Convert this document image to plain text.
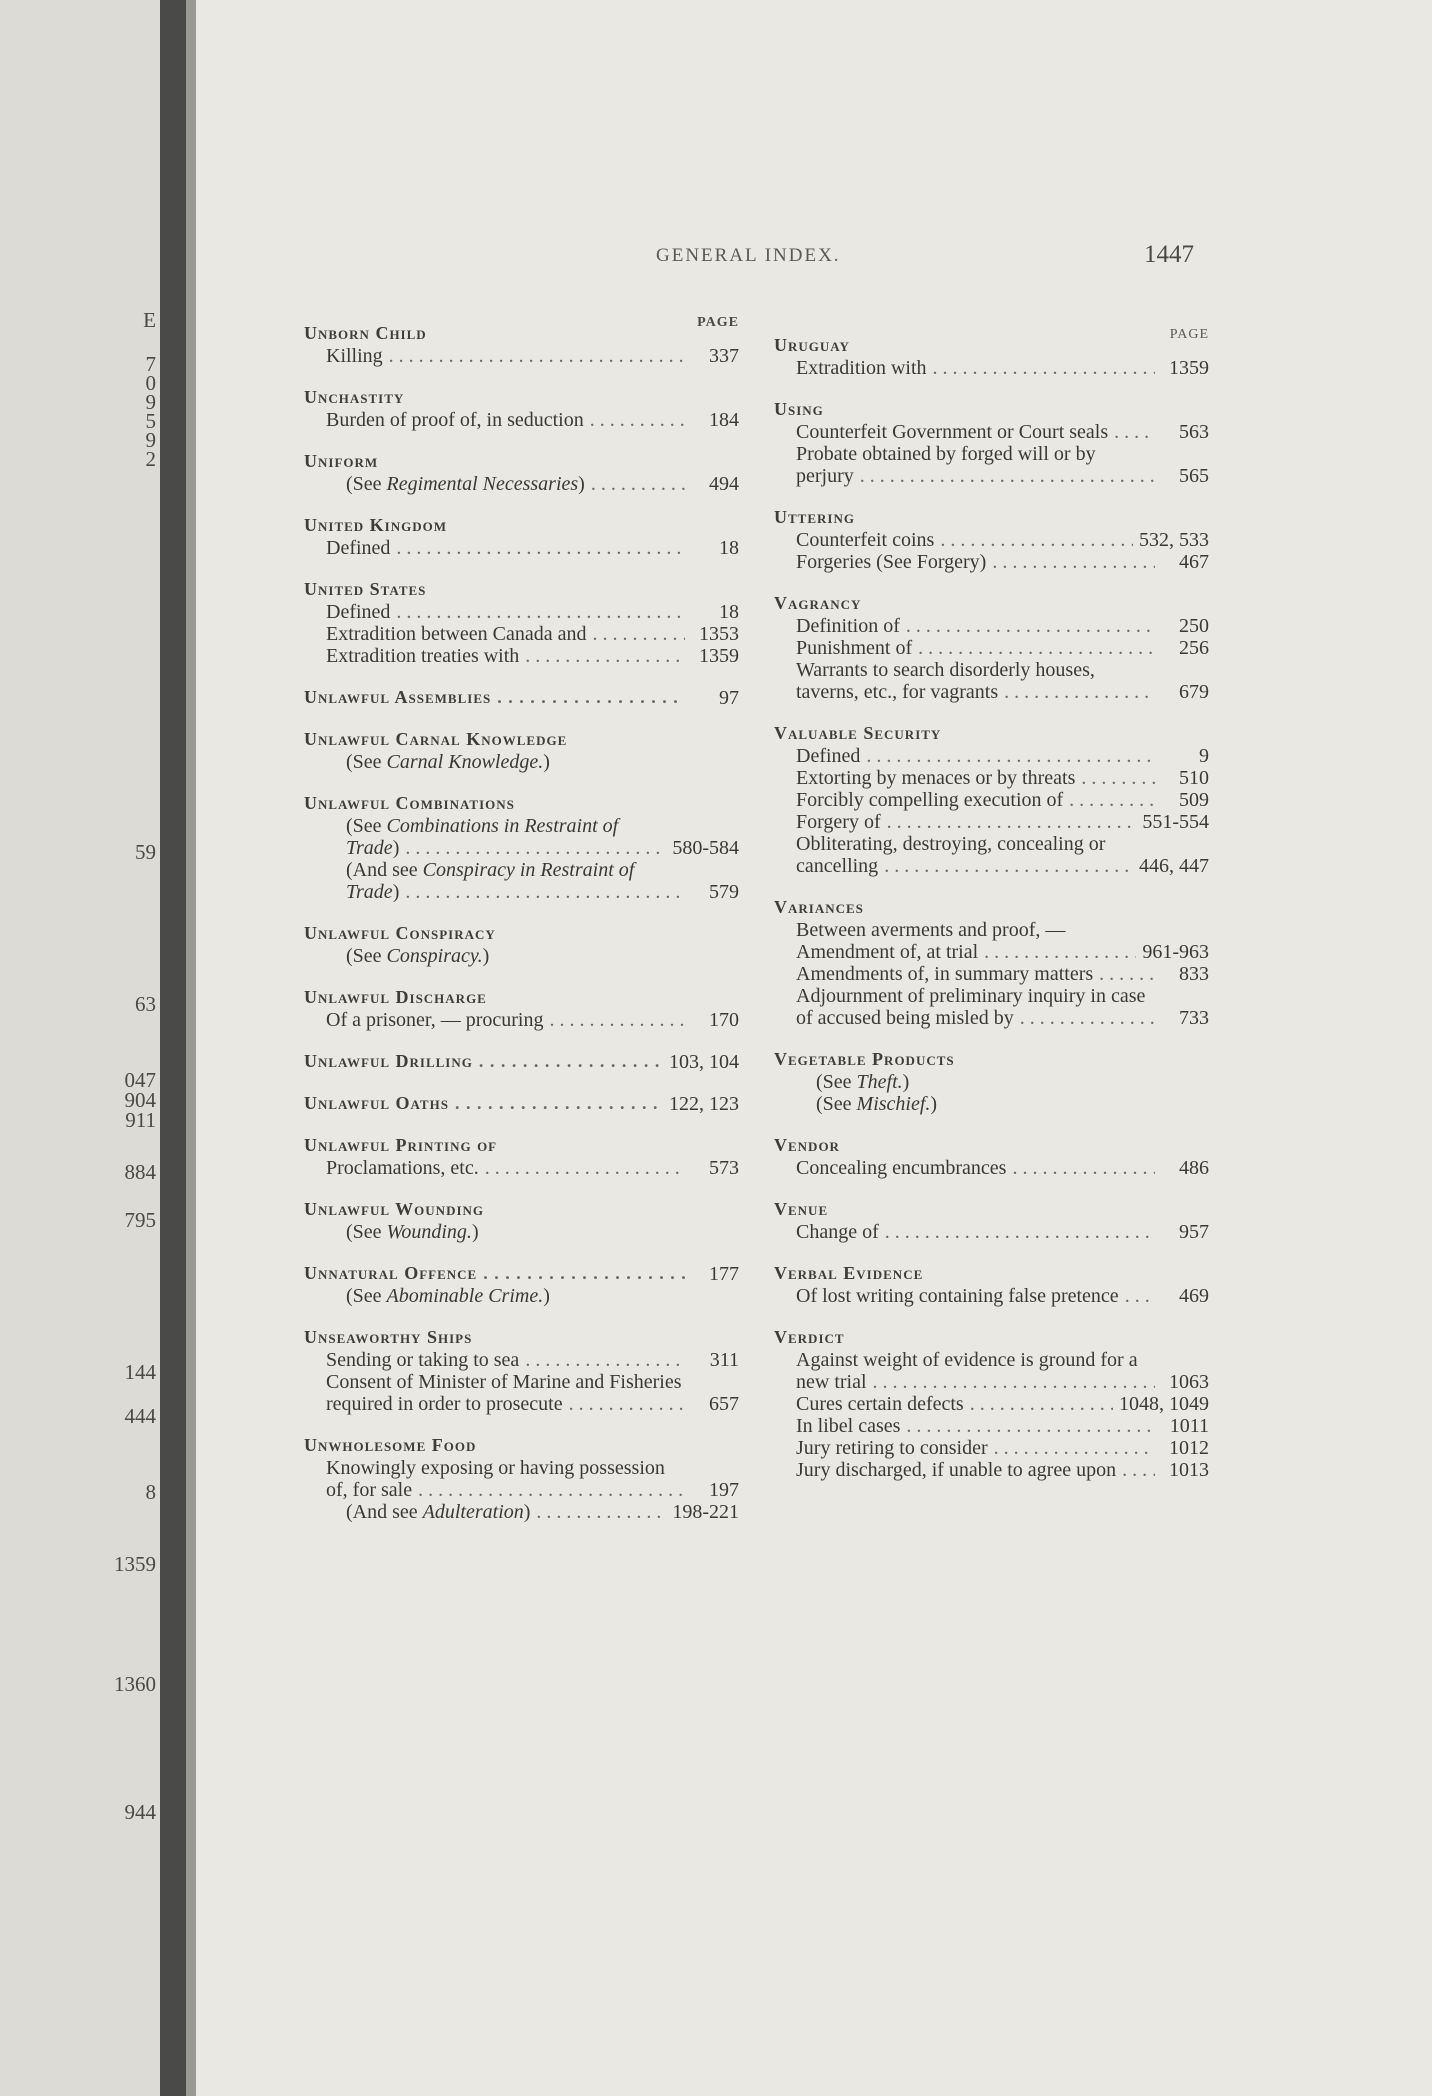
E
7
0
9
5
9
2
59
63
047
904
911
884
795
144
444
8
1359
1360
944
GENERAL INDEX.	1447
PAGE
Unborn Child
Killing . . .	337
Unchastity
Burden of proof of, in seduction . . .	184
Uniform
(See Regimental Necessaries) . . .	494
United Kingdom
Defined . . .	18
United States
Defined . . .	18
Extradition between Canada and . . .	1353
Extradition treaties with . . .	1359
Unlawful Assemblies . . .	97
Unlawful Carnal Knowledge
(See Carnal Knowledge.)
Unlawful Combinations
(See Combinations in Restraint of Trade) . . .	580-584
(And see Conspiracy in Restraint of Trade) . . .	579
Unlawful Conspiracy
(See Conspiracy.)
Unlawful Discharge
Of a prisoner, — procuring . . .	170
Unlawful Drilling . . .	103, 104
Unlawful Oaths . . .	122, 123
Unlawful Printing of
Proclamations, etc. . . .	573
Unlawful Wounding
(See Wounding.)
Unnatural Offence . . .	177
(See Abominable Crime.)
Unseaworthy Ships
Sending or taking to sea . . .	311
Consent of Minister of Marine and Fisheries required in order to prosecute . . .	657
Unwholesome Food
Knowingly exposing or having possession of, for sale . . .	197
(And see Adulteration) . . .	198-221
PAGE
Uruguay
Extradition with . . .	1359
Using
Counterfeit Government or Court seals . . .	563
Probate obtained by forged will or by perjury . . .	565
Uttering
Counterfeit coins . . .	532, 533
Forgeries (See Forgery) . . .	467
Vagrancy
Definition of . . .	250
Punishment of . . .	256
Warrants to search disorderly houses, taverns, etc., for vagrants . . .	679
Valuable Security
Defined . . .	9
Extorting by menaces or by threats . . .	510
Forcibly compelling execution of . . .	509
Forgery of . . .	551-554
Obliterating, destroying, concealing or cancelling . . .	446, 447
Variances
Between averments and proof, — Amendment of, at trial . . .	961-963
Amendments of, in summary matters . . .	833
Adjournment of preliminary inquiry in case of accused being misled by . . .	733
Vegetable Products
(See Theft.)
(See Mischief.)
Vendor
Concealing encumbrances . . .	486
Venue
Change of . . .	957
Verbal Evidence
Of lost writing containing false pretence . . .	469
Verdict
Against weight of evidence is ground for a new trial . . .	1063
Cures certain defects . . .	1048, 1049
In libel cases . . .	1011
Jury retiring to consider . . .	1012
Jury discharged, if unable to agree upon . . .	1013
